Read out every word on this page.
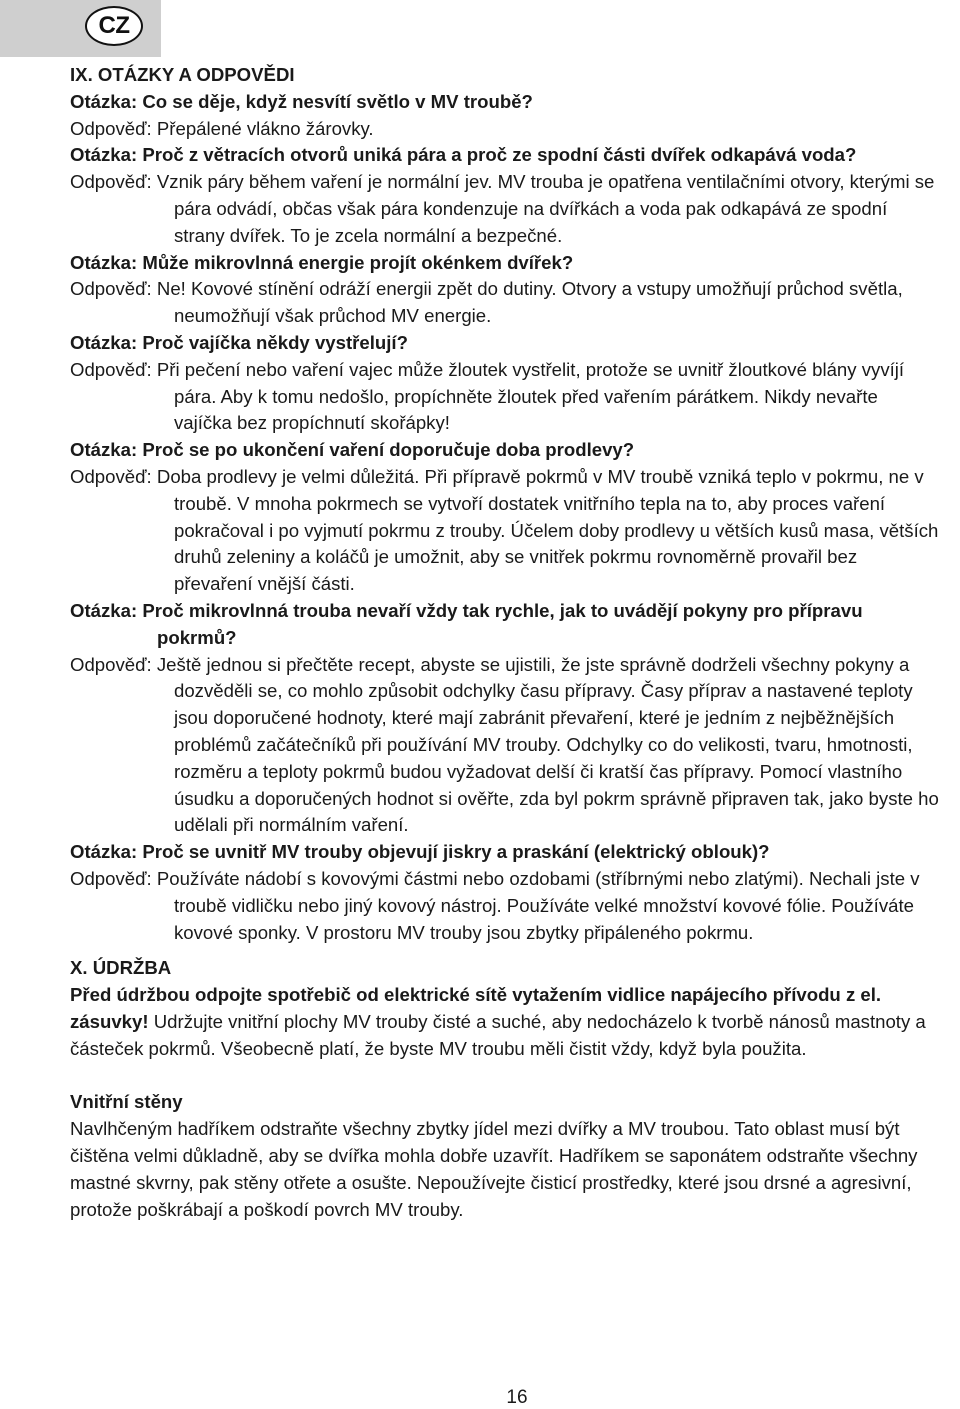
CZ

IX. OTÁZKY A ODPOVĚDI

Otázka: Co se děje, když nesvítí světlo v MV troubě?

Odpověď: Přepálené vlákno žárovky.

Otázka: Proč z větracích otvorů uniká pára a proč ze spodní části dvířek odkapává voda?

Odpověď: Vznik páry během vaření je normální jev. MV trouba je opatřena ventilačními otvory, kterými se pára odvádí, občas však pára kondenzuje na dvířkách a voda pak odkapává ze spodní strany dvířek. To je zcela normální a bezpečné.

Otázka: Může mikrovlnná energie projít okénkem dvířek?

Odpověď: Ne! Kovové stínění odráží energii zpět do dutiny. Otvory a vstupy umožňují průchod světla, neumožňují však průchod MV energie.

Otázka: Proč vajíčka někdy vystřelují?

Odpověď: Při pečení nebo vaření vajec může žloutek vystřelit, protože se uvnitř žloutkové blány vyvíjí pára. Aby k tomu nedošlo, propíchněte žloutek před vařením párátkem. Nikdy nevařte vajíčka bez propíchnutí skořápky!

Otázka: Proč se po ukončení vaření doporučuje doba prodlevy?

Odpověď: Doba prodlevy je velmi důležitá. Při přípravě pokrmů v MV troubě vzniká teplo v pokrmu, ne v troubě. V mnoha pokrmech se vytvoří dostatek vnitřního tepla na to, aby proces vaření pokračoval i po vyjmutí pokrmu z trouby. Účelem doby prodlevy u větších kusů masa, větších druhů zeleniny a koláčů je umožnit, aby se vnitřek pokrmu rovnoměrně provařil bez převaření vnější části.

Otázka: Proč mikrovlnná trouba nevaří vždy tak rychle, jak to uvádějí pokyny pro přípravu pokrmů?

Odpověď: Ještě jednou si přečtěte recept, abyste se ujistili, že jste správně dodrželi všechny pokyny a dozvěděli se, co mohlo způsobit odchylky času přípravy. Časy příprav a nastavené teploty jsou doporučené hodnoty, které mají zabránit převaření, které je jedním z nejběžnějších problémů začátečníků při používání MV trouby. Odchylky co do velikosti, tvaru, hmotnosti, rozměru a teploty pokrmů budou vyžadovat delší či kratší čas přípravy. Pomocí vlastního úsudku a doporučených hodnot si ověřte, zda byl pokrm správně připraven tak, jako byste ho udělali při normálním vaření.

Otázka: Proč se uvnitř MV trouby objevují jiskry a praskání (elektrický oblouk)?

Odpověď: Používáte nádobí s kovovými částmi nebo ozdobami (stříbrnými nebo zlatými). Nechali jste v troubě vidličku nebo jiný kovový nástroj. Používáte velké množství kovové fólie. Používáte kovové sponky. V prostoru MV trouby jsou zbytky připáleného pokrmu.

X. ÚDRŽBA

Před údržbou odpojte spotřebič od elektrické sítě vytažením vidlice napájecího přívodu z el. zásuvky! Udržujte vnitřní plochy MV trouby čisté a suché, aby nedocházelo k tvorbě nánosů mastnoty a částeček pokrmů. Všeobecně platí, že byste MV troubu měli čistit vždy, když byla použita.

Vnitřní stěny

Navlhčeným hadříkem odstraňte všechny zbytky jídel mezi dvířky a MV troubou. Tato oblast musí být čištěna velmi důkladně, aby se dvířka mohla dobře uzavřít. Hadříkem se saponátem odstraňte všechny mastné skvrny, pak stěny otřete a osušte. Nepoužívejte čisticí prostředky, které jsou drsné a agresivní, protože poškrábají a poškodí povrch MV trouby.

16
